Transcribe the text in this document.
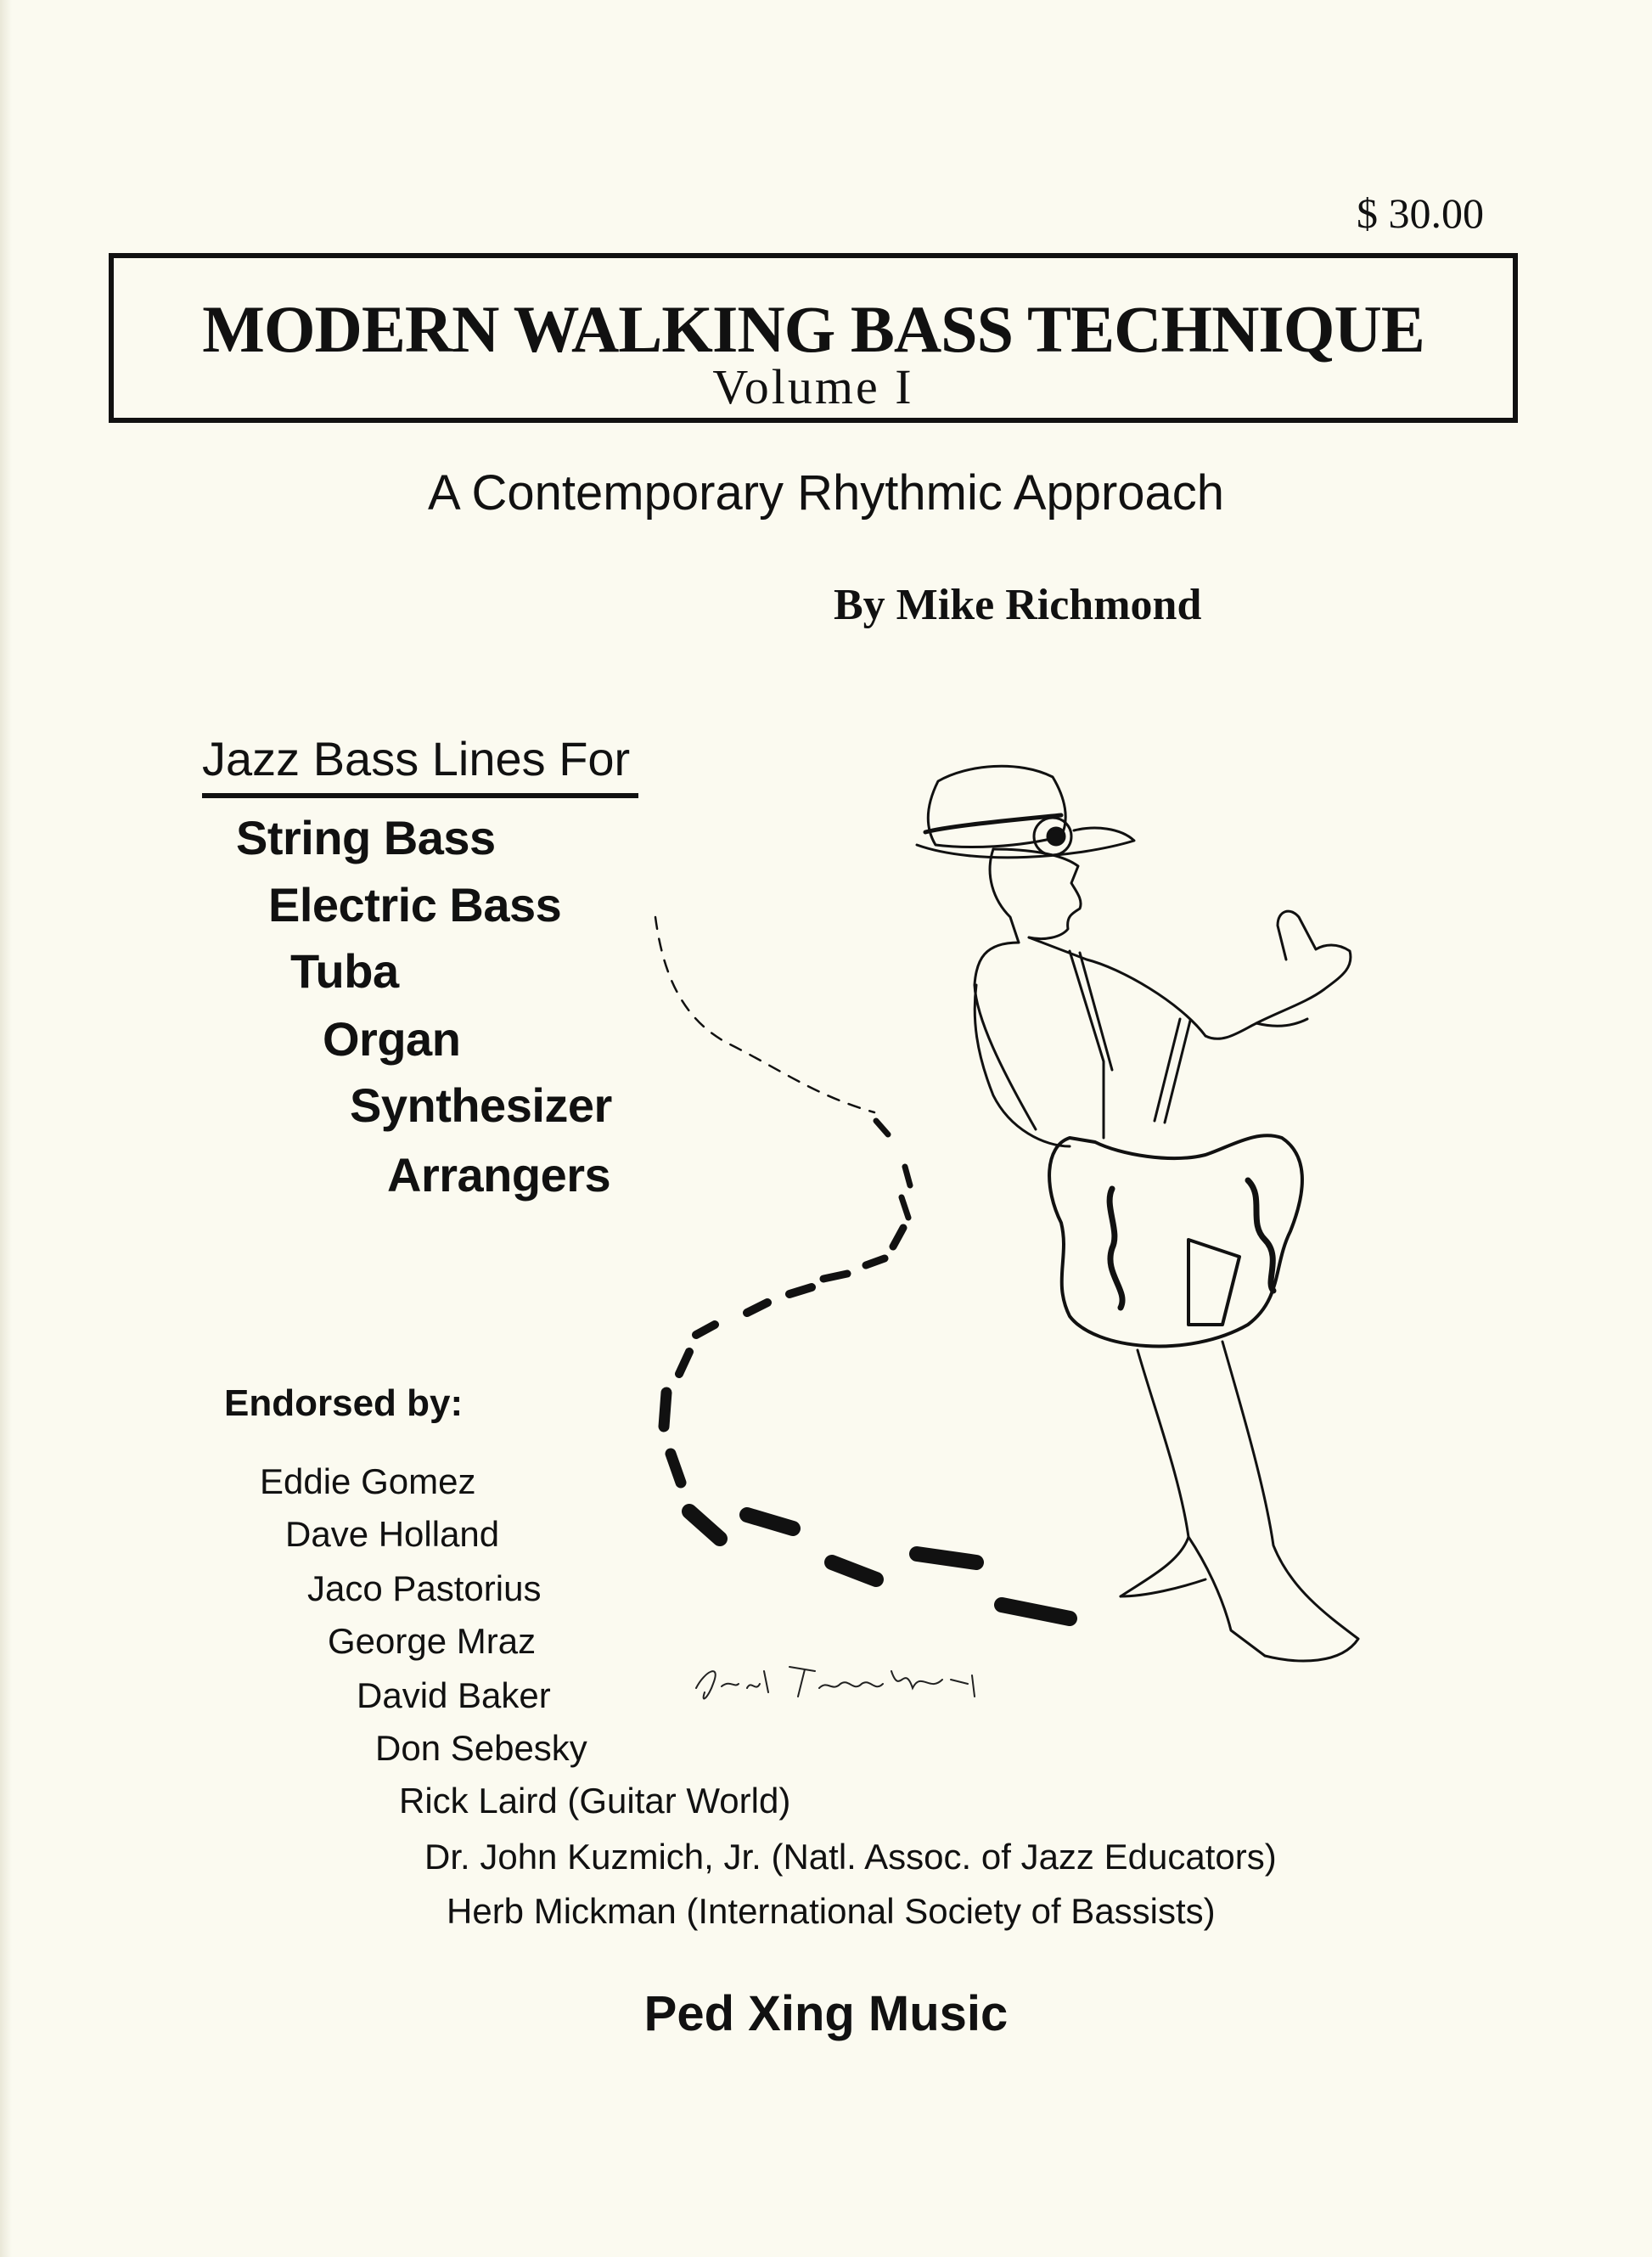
$ 30.00
MODERN WALKING BASS TECHNIQUE
Volume I
A Contemporary Rhythmic Approach
By Mike Richmond
Jazz Bass Lines For
String Bass
Electric Bass
Tuba
Organ
Synthesizer
Arrangers
Endorsed by:
Eddie Gomez
Dave Holland
Jaco Pastorius
George Mraz
David Baker
Don Sebesky
Rick Laird (Guitar World)
Dr. John Kuzmich, Jr. (Natl. Assoc. of Jazz Educators)
Herb Mickman (International Society of Bassists)
Ped Xing Music
